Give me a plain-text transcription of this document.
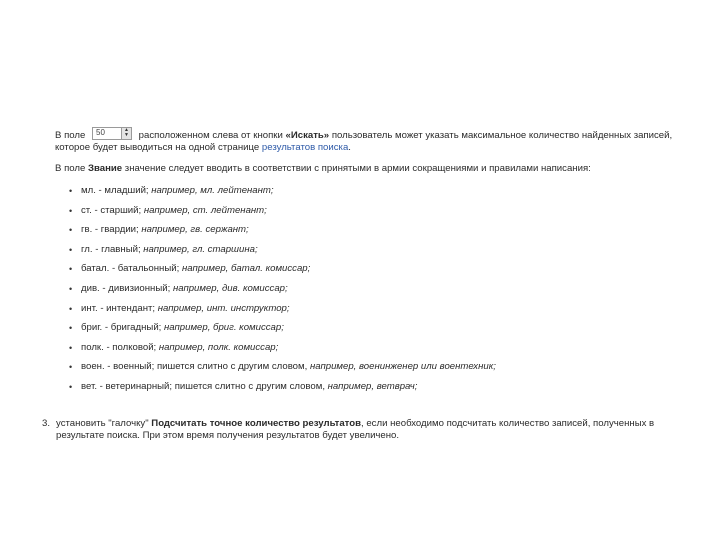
В поле 50	▲
▼ расположенном слева от кнопки «Искать» пользователь может указать максимальное количество найденных записей,

которое будет выводиться на одной странице результатов поиска.

В поле Звание значение следует вводить в соответствии с принятыми в армии сокращениями и правилами написания:

• мл. - младший; например, мл. лейтенант;
• ст. - старший; например, ст. лейтенант;
• гв. - гвардии; например, гв. сержант;
• гл. - главный; например, гл. старшина;
• батал. - батальонный; например, батал. комиссар;
• див. - дивизионный; например, див. комиссар;
• инт. - интендант; например, инт. инструктор;
• бриг. - бригадный; например, бриг. комиссар;
• полк. - полковой; например, полк. комиссар;
• воен. - военный; пишется слитно с другим словом, например, военинженер или воентехник;
• вет. - ветеринарный; пишется слитно с другим словом, например, ветврач;
3. установить "галочку" Подсчитать точное количество результатов, если необходимо подсчитать количество записей, полученных в
результате поиска. При этом время получения результатов будет увеличено.
